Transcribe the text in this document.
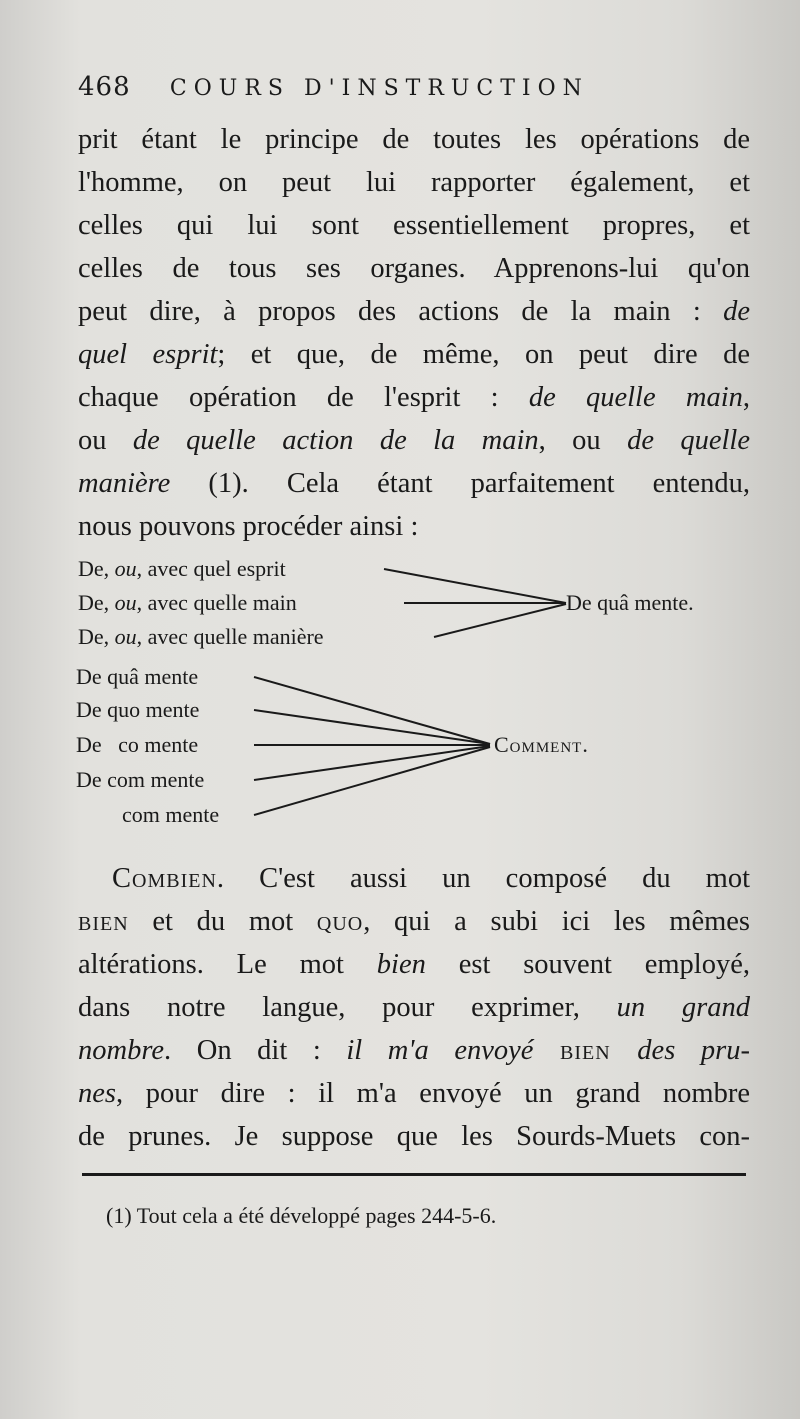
468 COURS D'INSTRUCTION
prit étant le principe de toutes les opérations de
l'homme, on peut lui rapporter également, et
celles qui lui sont essentiellement propres, et
celles de tous ses organes. Apprenons-lui qu'on
peut dire, à propos des actions de la main : de
quel esprit; et que, de même, on peut dire de
chaque opération de l'esprit : de quelle main,
ou de quelle action de la main, ou de quelle
manière (1). Cela étant parfaitement entendu,
nous pouvons procéder ainsi :
De, ou, avec quel esprit
De, ou, avec quelle main
De, ou, avec quelle manière
De quâ mente.
De quâ mente
De quo mente
De   co mente
De com mente
com mente
Comment.
Combien. C'est aussi un composé du mot
bien et du mot quo, qui a subi ici les mêmes
altérations. Le mot bien est souvent employé,
dans notre langue, pour exprimer, un grand
nombre. On dit : il m'a envoyé bien des pru-
nes, pour dire : il m'a envoyé un grand nombre
de prunes. Je suppose que les Sourds-Muets con-
(1) Tout cela a été développé pages 244-5-6.
